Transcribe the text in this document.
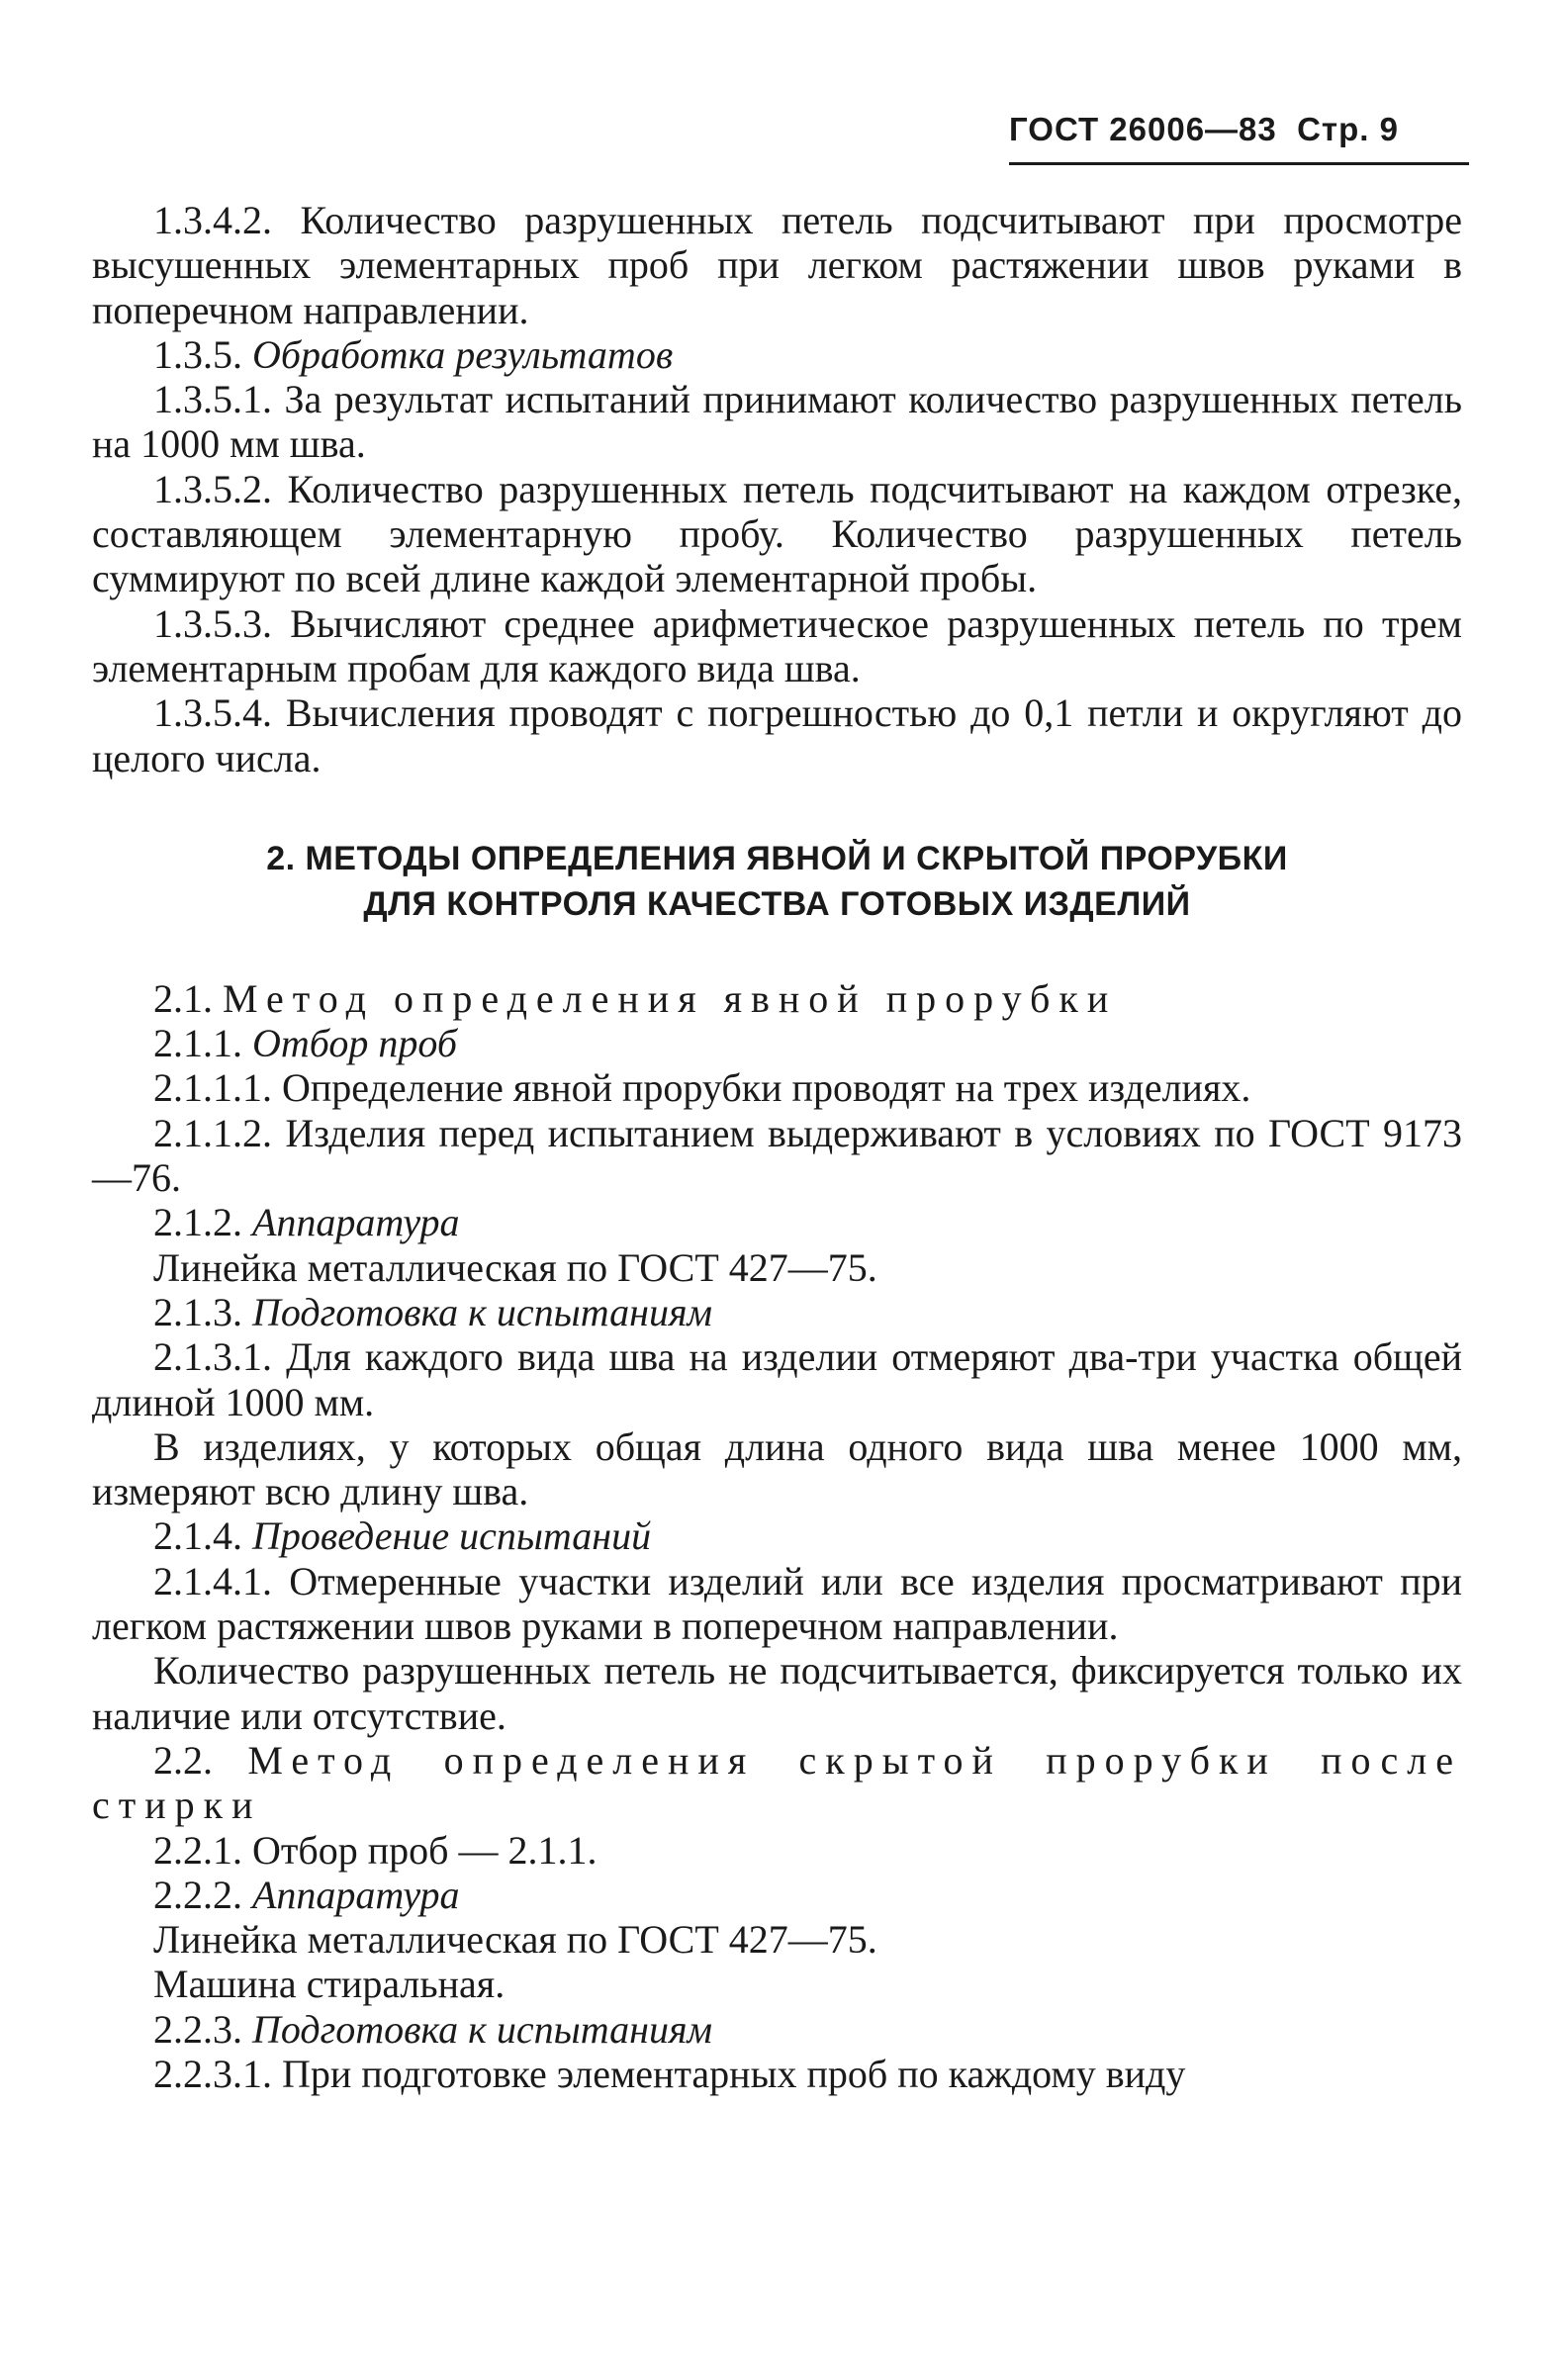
ГОСТ 26006—83 Стр. 9

1.3.4.2. Количество разрушенных петель подсчитывают при просмотре высушенных элементарных проб при легком растяжении швов руками в поперечном направлении.

1.3.5. Обработка результатов

1.3.5.1. За результат испытаний принимают количество разрушенных петель на 1000 мм шва.

1.3.5.2. Количество разрушенных петель подсчитывают на каждом отрезке, составляющем элементарную пробу. Количество разрушенных петель суммируют по всей длине каждой элементарной пробы.

1.3.5.3. Вычисляют среднее арифметическое разрушенных петель по трем элементарным пробам для каждого вида шва.

1.3.5.4. Вычисления проводят с погрешностью до 0,1 петли и округляют до целого числа.

2. МЕТОДЫ ОПРЕДЕЛЕНИЯ ЯВНОЙ И СКРЫТОЙ ПРОРУБКИ
ДЛЯ КОНТРОЛЯ КАЧЕСТВА ГОТОВЫХ ИЗДЕЛИЙ

2.1. Метод определения явной прорубки

2.1.1. Отбор проб

2.1.1.1. Определение явной прорубки проводят на трех изделиях.

2.1.1.2. Изделия перед испытанием выдерживают в условиях по ГОСТ 9173—76.

2.1.2. Аппаратура

Линейка металлическая по ГОСТ 427—75.

2.1.3. Подготовка к испытаниям

2.1.3.1. Для каждого вида шва на изделии отмеряют два-три участка общей длиной 1000 мм.

В изделиях, у которых общая длина одного вида шва менее 1000 мм, измеряют всю длину шва.

2.1.4. Проведение испытаний

2.1.4.1. Отмеренные участки изделий или все изделия просматривают при легком растяжении швов руками в поперечном направлении.

Количество разрушенных петель не подсчитывается, фиксируется только их наличие или отсутствие.

2.2. Метод определения скрытой прорубки после стирки

2.2.1. Отбор проб — 2.1.1.

2.2.2. Аппаратура

Линейка металлическая по ГОСТ 427—75.

Машина стиральная.

2.2.3. Подготовка к испытаниям

2.2.3.1. При подготовке элементарных проб по каждому виду
